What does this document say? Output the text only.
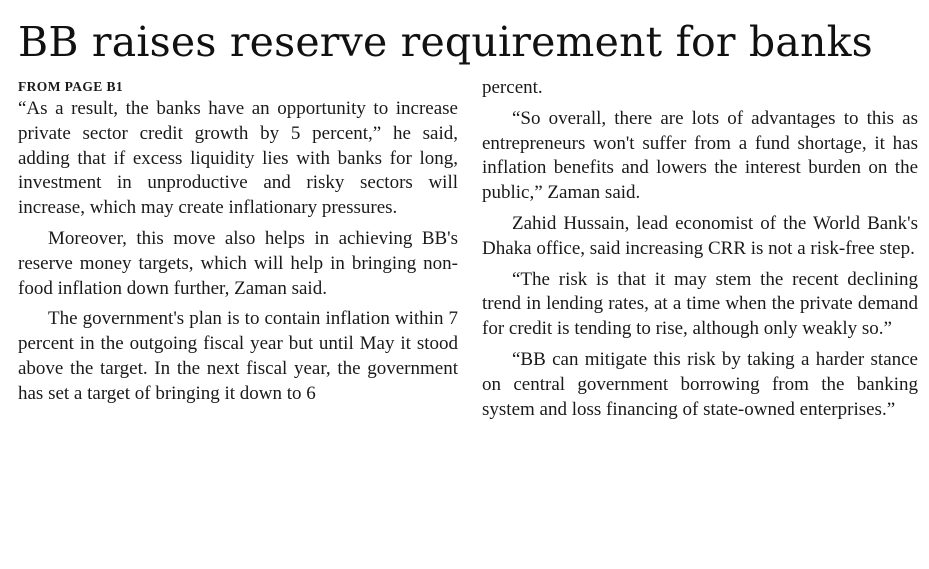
BB raises reserve requirement for banks
FROM PAGE B1

“As a result, the banks have an opportunity to increase private sector credit growth by 5 percent,” he said, adding that if excess liquidity lies with banks for long, investment in unproductive and risky sectors will increase, which may create inflationary pressures.

Moreover, this move also helps in achieving BB's reserve money targets, which will help in bringing non-food inflation down further, Zaman said.

The government's plan is to contain inflation within 7 percent in the outgoing fiscal year but until May it stood above the target. In the next fiscal year, the government has set a target of bringing it down to 6

percent.

“So overall, there are lots of advantages to this as entrepreneurs won't suffer from a fund shortage, it has inflation benefits and lowers the interest burden on the public,” Zaman said.

Zahid Hussain, lead economist of the World Bank's Dhaka office, said increasing CRR is not a risk-free step.

“The risk is that it may stem the recent declining trend in lending rates, at a time when the private demand for credit is tending to rise, although only weakly so.”

“BB can mitigate this risk by taking a harder stance on central government borrowing from the banking system and loss financing of state-owned enterprises.”
